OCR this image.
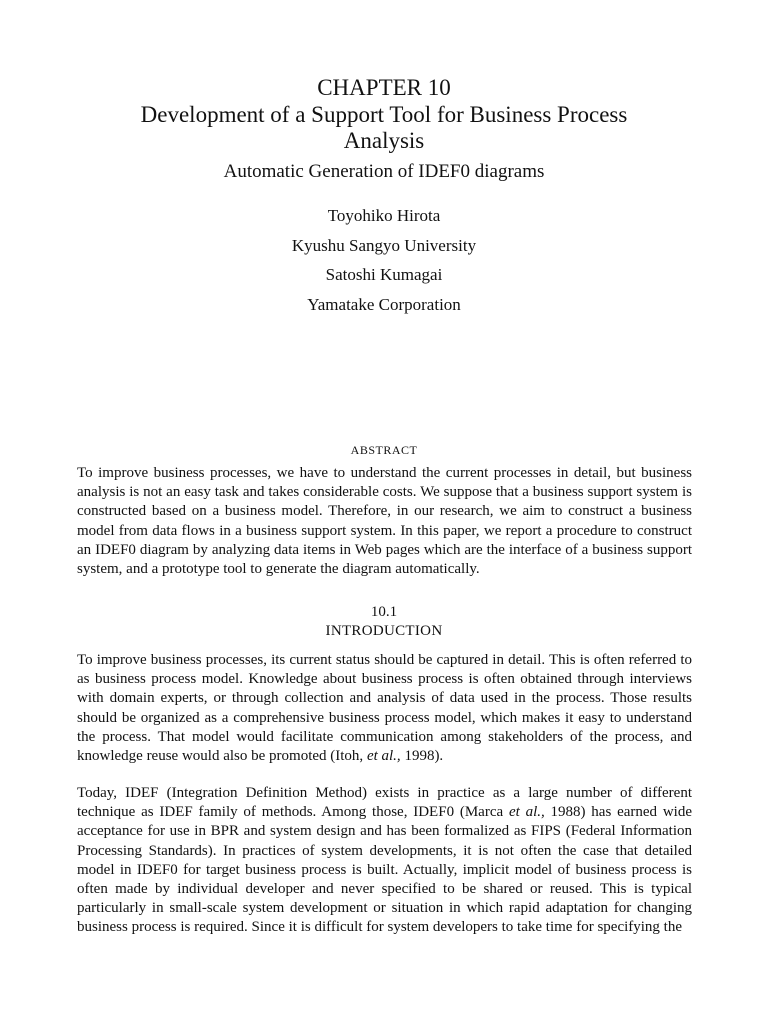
CHAPTER 10
Development of a Support Tool for Business Process Analysis
Automatic Generation of IDEF0 diagrams
Toyohiko Hirota
Kyushu Sangyo University
Satoshi Kumagai
Yamatake Corporation
ABSTRACT

To improve business processes, we have to understand the current processes in detail, but business analysis is not an easy task and takes considerable costs. We suppose that a business support system is constructed based on a business model. Therefore, in our research, we aim to construct a business model from data flows in a business support system. In this paper, we report a procedure to construct an IDEF0 diagram by analyzing data items in Web pages which are the interface of a business support system, and a prototype tool to generate the diagram automatically.

10.1
INTRODUCTION

To improve business processes, its current status should be captured in detail. This is often referred to as business process model. Knowledge about business process is often obtained through interviews with domain experts, or through collection and analysis of data used in the process. Those results should be organized as a comprehensive business process model, which makes it easy to understand the process. That model would facilitate communication among stakeholders of the process, and knowledge reuse would also be promoted (Itoh, et al., 1998).

Today, IDEF (Integration Definition Method) exists in practice as a large number of different technique as IDEF family of methods. Among those, IDEF0 (Marca et al., 1988) has earned wide acceptance for use in BPR and system design and has been formalized as FIPS (Federal Information Processing Standards). In practices of system developments, it is not often the case that detailed model in IDEF0 for target business process is built. Actually, implicit model of business process is often made by individual developer and never specified to be shared or reused. This is typical particularly in small-scale system development or situation in which rapid adaptation for changing business process is required. Since it is difficult for system developers to take time for specifying the
